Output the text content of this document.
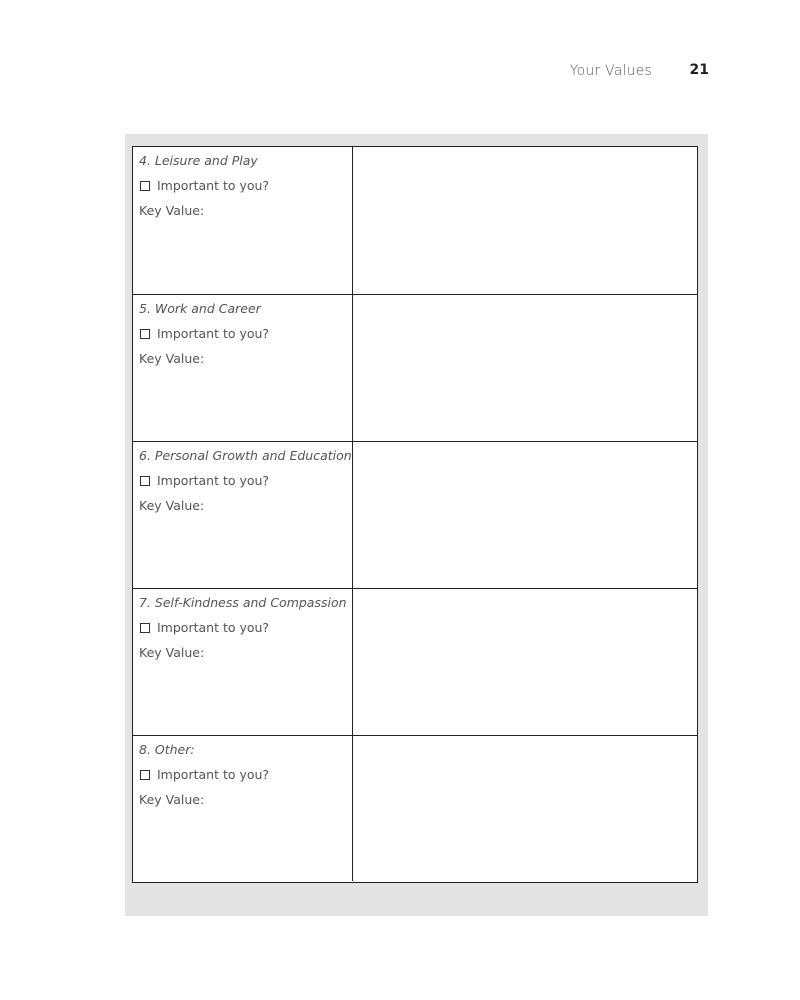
Your Values	21
4. Leisure and Play
Important to you?
Key Value:
5. Work and Career
Important to you?
Key Value:
6. Personal Growth and Education
Important to you?
Key Value:
7. Self-Kindness and Compassion
Important to you?
Key Value:
8. Other:
Important to you?
Key Value:
